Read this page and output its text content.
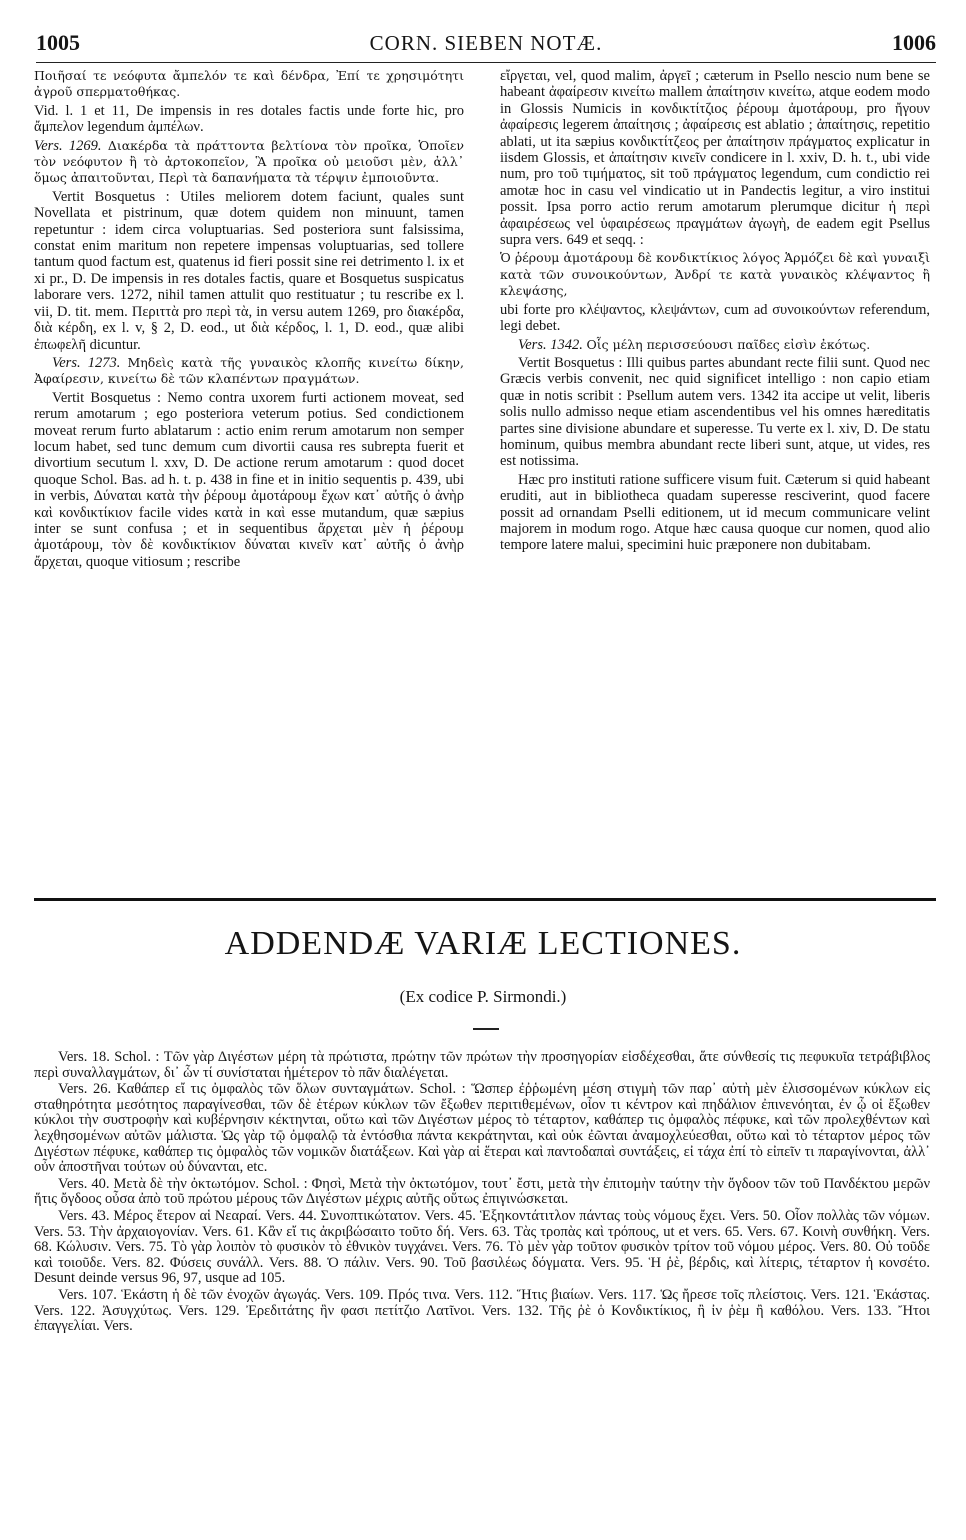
1005	CORN. SIEBEN NOTÆ.	1006

Ποιῆσαί τε νεόφυτα ἄμπελόν τε καὶ δένδρα, Ἐπί τε χρησιμότητι ἀγροῦ σπερματοθήκας.

Vid. l. 1 et 11, De impensis in res dotales factis unde forte hic, pro ἄμπελον legendum ἀμπέλων.

Vers. 1269. Διακέρδα τὰ πράττοντα βελτίονα τὸν προῖκα, Ὁποῖεν τὸν νεόφυτον ἢ τὸ ἀρτοκοπεῖον, Ἃ προῖκα οὐ μειοῦσι μὲν, ἀλλ᾽ ὅμως ἀπαιτοῦνται, Περὶ τὰ δαπανήματα τὰ τέρψιν ἐμποιοῦντα.

Vertit Bosquetus : Utiles meliorem dotem faciunt, quales sunt Novellata et pistrinum, quæ dotem quidem non minuunt, tamen repetuntur : idem circa voluptuarias. Sed posteriora sunt falsissima, constat enim maritum non repetere impensas voluptuarias, sed tollere tantum quod factum est, quatenus id fieri possit sine rei detrimento l. ix et xi pr., D. De impensis in res dotales factis, quare et Bosquetus suspicatus laborare vers. 1272, nihil tamen attulit quo restituatur ; tu rescribe ex l. vii, D. tit. mem. Περιττὰ pro περὶ τὰ, in versu autem 1269, pro διακέρδα, διὰ κέρδη, ex l. v, § 2, D. eod., ut διὰ κέρδος, l. 1, D. eod., quæ alibi ἐπωφελῆ dicuntur.

Vers. 1273. Μηδεὶς κατὰ τῆς γυναικὸς κλοπῆς κινείτω δίκην, Ἀφαίρεσιν, κινείτω δὲ τῶν κλαπέντων πραγμάτων.

Vertit Bosquetus : Nemo contra uxorem furti actionem moveat, sed rerum amotarum ; ego posteriora veterum potius. Sed condictionem moveat rerum furto ablatarum : actio enim rerum amotarum non semper locum habet, sed tunc demum cum divortii causa res subrepta fuerit et divortium secutum l. xxv, D. De actione rerum amotarum : quod docet quoque Schol. Bas. ad h. t. p. 438 in fine et in initio sequentis p. 439, ubi in verbis, Δύναται κατὰ τὴν ῥέρουμ ἀμοτάρουμ ἔχων κατ᾽ αὐτῆς ὁ ἀνὴρ καὶ κονδικτίκιον facile vides κατὰ in καὶ esse mutandum, quæ sæpius inter se sunt confusa ; et in sequentibus ἄρχεται μὲν ἡ ῥέρουμ ἀμοτάρουμ, τὸν δὲ κονδικτίκιον δύναται κινεῖν κατ᾽ αὐτῆς ὁ ἀνὴρ ἄρχεται, quoque vitiosum ; rescribe

εἴργεται, vel, quod malim, ἀργεῖ ; cæterum in Psello nescio num bene se habeant ἀφαίρεσιν κινείτω mallem ἀπαίτησιν κινείτω, atque eodem modo in Glossis Numicis in κονδικτίτζιος ῥέρουμ ἀμοτάρουμ, pro ἤγουν ἀφαίρεσις legerem ἀπαίτησις ; ἀφαίρεσις est ablatio ; ἀπαίτησις, repetitio ablati, ut ita sæpius κονδικτίτζεος per ἀπαίτησιν πράγματος explicatur in iisdem Glossis, et ἀπαίτησιν κινεῖν condicere in l. xxiv, D. h. t., ubi vide num, pro τοῦ τιμήματος, sit τοῦ πράγματος legendum, cum condictio rei amotæ hoc in casu vel vindicatio ut in Pandectis legitur, a viro institui possit. Ipsa porro actio rerum amotarum plerumque dicitur ἡ περὶ ἀφαιρέσεως vel ὑφαιρέσεως πραγμάτων ἀγωγὴ, de eadem egit Psellus supra vers. 649 et seqq. :

Ὁ ῥέρουμ ἀμοτάρουμ δὲ κονδικτίκιος λόγος Ἁρμόζει δὲ καὶ γυναιξὶ κατὰ τῶν συνοικούντων, Ἀνδρί τε κατὰ γυναικὸς κλέψαντος ἢ κλεψάσης,

ubi forte pro κλέψαντος, κλεψάντων, cum ad συνοικούντων referendum, legi debet.

Vers. 1342. Οἷς μέλη περισσεύουσι παῖδες εἰσὶν ἐκότως.

Vertit Bosquetus : Illi quibus partes abundant recte filii sunt. Quod nec Græcis verbis convenit, nec quid significet intelligo : non capio etiam quæ in notis scribit : Psellum autem vers. 1342 ita accipe ut velit, liberis solis nullo admisso neque etiam ascendentibus vel his omnes hæreditatis partes sine divisione abundare et superesse. Tu verte ex l. xiv, D. De statu hominum, quibus membra abundant recte liberi sunt, atque, ut vides, res est notissima.

Hæc pro instituti ratione sufficere visum fuit. Cæterum si quid habeant eruditi, aut in bibliotheca quadam superesse resciverint, quod facere possit ad ornandam Pselli editionem, ut id mecum communicare velint majorem in modum rogo. Atque hæc causa quoque cur nomen, quod alio tempore latere malui, specimini huic præponere non dubitabam.

ADDENDÆ VARIÆ LECTIONES.
(Ex codice P. Sirmondi.)

Vers. 18. Schol. : Τῶν γὰρ Διγέστων μέρη τὰ πρώτιστα, πρώτην τῶν πρώτων τὴν προσηγορίαν εἰσδέχεσθαι, ἅτε σύνθεσίς τις πεφυκυῖα τετράβιβλος περὶ συναλλαγμάτων, δι᾽ ὧν τί συνίσταται ἡμέτερον τὸ πᾶν διαλέγεται.

Vers. 26. Καθάπερ εἴ τις ὀμφαλὸς τῶν ὅλων συνταγμάτων. Schol. : Ὥσπερ ἐῤῥωμένη μέση στιγμὴ τῶν παρ᾽ αὐτὴ μὲν ἑλισσομένων κύκλων εἰς σταθηρότητα μεσότητος παραγίνεσθαι, τῶν δὲ ἑτέρων κύκλων τῶν ἔξωθεν περιτιθεμένων, οἷον τι κέντρον καὶ πηδάλιον ἐπινενόηται, ἐν ᾧ οἱ ἔξωθεν κύκλοι τὴν συστροφὴν καὶ κυβέρνησιν κέκτηνται, οὕτω καὶ τῶν Διγέστων μέρος τὸ τέταρτον, καθάπερ τις ὀμφαλὸς πέφυκε, καὶ τῶν προλεχθέντων καὶ λεχθησομένων αὐτῶν μάλιστα. Ὡς γὰρ τῷ ὀμφαλῷ τὰ ἐντόσθια πάντα κεκράτηνται, καὶ οὐκ ἐῶνται ἀναμοχλεύεσθαι, οὕτω καὶ τὸ τέταρτον μέρος τῶν Διγέστων πέφυκε, καθάπερ τις ὀμφαλὸς τῶν νομικῶν διατάξεων. Καὶ γὰρ αἱ ἕτεραι καὶ παντοδαπαὶ συντάξεις, εἰ τάχα ἐπί τὸ εἰπεῖν τι παραγίνονται, ἀλλ᾽ οὖν ἀποστῆναι τούτων οὐ δύνανται, etc.

Vers. 40. Μετὰ δὲ τὴν ὀκτωτόμον. Schol. : Φησὶ, Μετὰ τὴν ὀκτωτόμον, τουτ᾽ ἔστι, μετὰ τὴν ἐπιτομὴν ταύτην τὴν ὄγδοον τῶν τοῦ Πανδέκτου μερῶν ἥτις ὄγδοος οὖσα ἀπὸ τοῦ πρώτου μέρους τῶν Διγέστων μέχρις αὐτῆς οὕτως ἐπιγινώσκεται.

Vers. 43. Μέρος ἕτερον αἱ Νεαραί. Vers. 44. Συνοπτικώτατον. Vers. 45. Ἑξηκοντάτιτλον πάντας τοὺς νόμους ἔχει. Vers. 50. Οἷον πολλὰς τῶν νόμων. Vers. 53. Τὴν ἀρχαιογονίαν. Vers. 61. Κἂν εἴ τις ἀκριβώσαιτο τοῦτο δή. Vers. 63. Τὰς τροπὰς καὶ τρόπους, ut et vers. 65. Vers. 67. Κοινὴ συνθήκη. Vers. 68. Κώλυσιν. Vers. 75. Τὸ γὰρ λοιπὸν τὸ φυσικὸν τὸ ἐθνικὸν τυγχάνει. Vers. 76. Τὸ μὲν γὰρ τοῦτον φυσικὸν τρίτον τοῦ νόμου μέρος. Vers. 80. Οὐ τοῦδε καὶ τοιοῦδε. Vers. 82. Φύσεις συνάλλ. Vers. 88. Ὁ πάλιν. Vers. 90. Τοῦ βασιλέως δόγματα. Vers. 95. Ἡ ῥὲ, βέρδις, καὶ λίτερις, τέταρτον ἡ κονσέτο. Desunt deinde versus 96, 97, usque ad 105.

Vers. 107. Ἑκάστη ἡ δὲ τῶν ἐνοχῶν ἀγωγάς. Vers. 109. Πρός τινα. Vers. 112. Ἥτις βιαίων. Vers. 117. Ὡς ἤρεσε τοῖς πλείστοις. Vers. 121. Ἑκάστας. Vers. 122. Ἀσυγχύτως. Vers. 129. Ἐρεδιτάτης ἣν φασι πετίτζιο Λατῖνοι. Vers. 132. Τῆς ῥὲ ὁ Κονδικτίκιος, ἢ ἰν ῥὲμ ἢ καθόλου. Vers. 133. Ἤτοι ἐπαγγελίαι. Vers.
